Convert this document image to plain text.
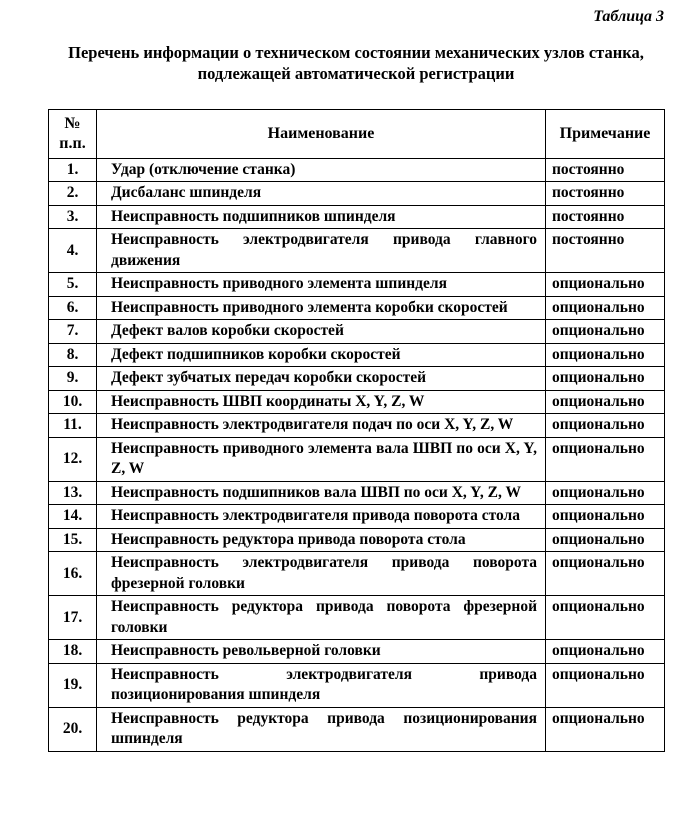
Таблица 3
Перечень информации о техническом состоянии механических узлов станка, подлежащей автоматической регистрации
№ п.п.	Наименование	Примечание
1.	Удар (отключение станка)	постоянно
2.	Дисбаланс шпинделя	постоянно
3.	Неисправность подшипников шпинделя	постоянно
4.	Неисправность электродвигателя привода главного движения	постоянно
5.	Неисправность приводного элемента шпинделя	опционально
6.	Неисправность приводного элемента коробки скоростей	опционально
7.	Дефект валов коробки скоростей	опционально
8.	Дефект подшипников коробки скоростей	опционально
9.	Дефект зубчатых передач коробки скоростей	опционально
10.	Неисправность ШВП координаты X, Y, Z, W	опционально
11.	Неисправность электродвигателя подач по оси X, Y, Z, W	опционально
12.	Неисправность приводного элемента вала ШВП по оси X, Y, Z, W	опционально
13.	Неисправность подшипников вала ШВП по оси X, Y, Z, W	опционально
14.	Неисправность электродвигателя привода поворота стола	опционально
15.	Неисправность редуктора привода поворота стола	опционально
16.	Неисправность электродвигателя привода поворота фрезерной головки	опционально
17.	Неисправность редуктора привода поворота фрезерной головки	опционально
18.	Неисправность револьверной головки	опционально
19.	Неисправность электродвигателя привода позиционирования шпинделя	опционально
20.	Неисправность редуктора привода позиционирования шпинделя	опционально
